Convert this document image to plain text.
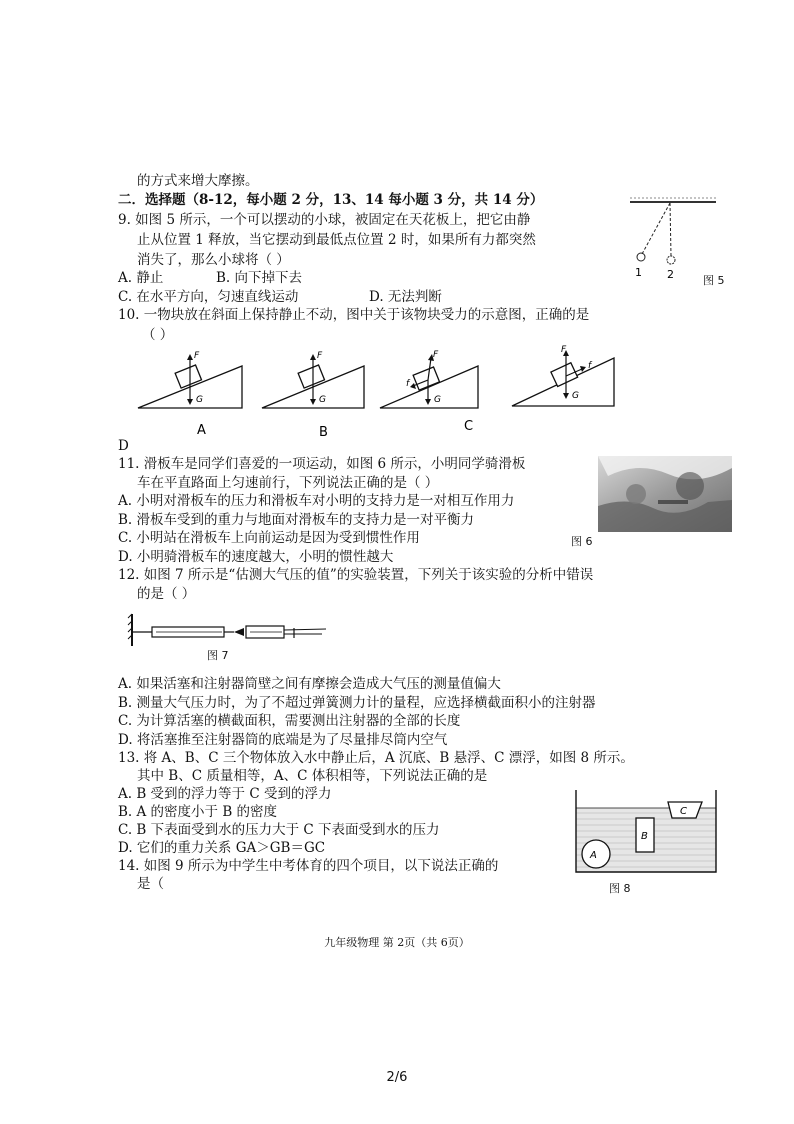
的方式来增大摩擦。
二．选择题（8-12，每小题 2 分，13、14 每小题 3 分，共 14 分）
9. 如图 5 所示，一个可以摆动的小球，被固定在天花板上，把它由静
止从位置 1 释放，当它摆动到最低点位置 2 时，如果所有力都突然
消失了，那么小球将（ ）
A. 静止	B. 向下掉下去
C. 在水平方向，匀速直线运动	D. 无法判断
10. 一物块放在斜面上保持静止不动，图中关于该物块受力的示意图，正确的是
（ ）
D
11. 滑板车是同学们喜爱的一项运动，如图 6 所示，小明同学骑滑板
车在平直路面上匀速前行，下列说法正确的是（ ）
A. 小明对滑板车的压力和滑板车对小明的支持力是一对相互作用力
B. 滑板车受到的重力与地面对滑板车的支持力是一对平衡力
C. 小明站在滑板车上向前运动是因为受到惯性作用
D. 小明骑滑板车的速度越大，小明的惯性越大
12. 如图 7 所示是“估测大气压的值”的实验装置，下列关于该实验的分析中错误
的是（ ）
A. 如果活塞和注射器筒壁之间有摩擦会造成大气压的测量值偏大
B. 测量大气压力时，为了不超过弹簧测力计的量程，应选择横截面积小的注射器
C. 为计算活塞的横截面积，需要测出注射器的全部的长度
D. 将活塞推至注射器筒的底端是为了尽量排尽筒内空气
13. 将 A、B、C 三个物体放入水中静止后，A 沉底、B 悬浮、C 漂浮，如图 8 所示。
其中 B、C 质量相等，A、C 体积相等，下列说法正确的是
A. B 受到的浮力等于 C 受到的浮力
B. A 的密度小于 B 的密度
C. B 下表面受到水的压力大于 C 下表面受到水的压力
D. 它们的重力关系 GA＞GB＝GC
14. 如图 9 所示为中学生中考体育的四个项目，以下说法正确的
是（
1 2	图 5
F
G
F
G
F
f
G
F
f
G
A	B	C
图 6
图 7
A
B
C
图 8
九年级物理 第 2页（共 6页）
2/6
